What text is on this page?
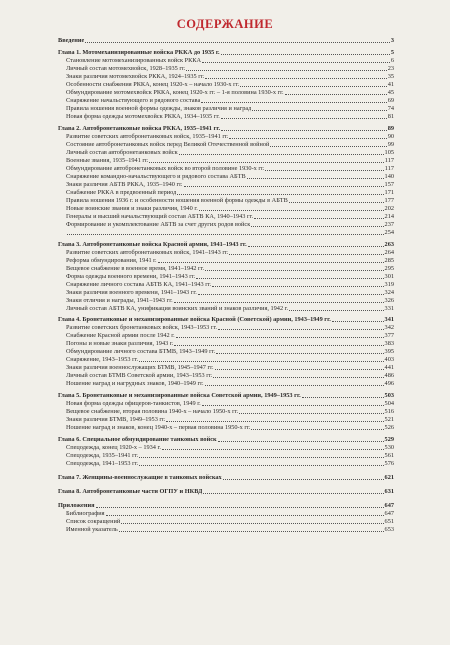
СОДЕРЖАНИЕ
Введение	3
Глава 1. Мотомеханизированные войска РККА до 1935 г.	5
Становление мотомеханизированных войск РККА	6
Личный состав мотомехвойск, 1928–1935 гг.	23
Знаки различия мотомехвойск РККА, 1924–1935 гг.	35
Особенности снабжения РККА, конец 1920-х – начало 1930-х гг.	41
Обмундирование мотомехвойск РККА, конец 1920-х гг. – 1-я половина 1930-х гг.	45
Снаряжение начальствующего и рядового состава	69
Правила ношения военной формы одежды, знаков различия и наград	74
Новая форма одежды мотомехвойск РККА, 1934–1935 гг.	81
Глава 2. Автобронетанковые войска РККА, 1935–1941 гг.	89
Развитие советских автобронетанковых войск, 1935–1941 гг.	90
Состояние автобронетанковых войск перед Великой Отечественной войной	99
Личный состав автобронетанковых войск	105
Военные звания, 1935–1941 гг.	117
Обмундирование автобронетанковых войск во второй половине 1930-х гг.	117
Снаряжение командно-начальствующего и рядового состава АБТВ	140
Знаки различия АБТВ РККА, 1935–1940 гг.	157
Снабжение РККА в предвоенный период	171
Правила ношения 1936 г. и особенности ношения военной формы одежды в АБТВ	177
Новые воинские звания и знаки различия, 1940 г.	202
Генералы и высший начальствующий состав АБТВ КА, 1940–1943 гг.	214
Формирование и укомплектование АБТВ за счет других родов войск	237
254
Глава 3. Автобронетанковые войска Красной армии, 1941–1943 гг.	263
Развитие советских автобронетанковых войск, 1941–1943 гг.	264
Реформа обмундирования, 1941 г.	285
Вещевое снабжение в военное время, 1941–1942 гг.	295
Форма одежды военного времени, 1941–1943 гг.	301
Снаряжение личного состава АБТВ КА, 1941–1943 гг.	319
Знаки различия военного времени, 1941–1943 гг.	324
Знаки отличия и награды, 1941–1943 гг.	326
Личный состав АБТВ КА, унификация воинских званий и знаков различия, 1942 г.	331
Глава 4. Бронетанковые и механизированные войска Красной (Советской) армии, 1943–1949 гг.	341
Развитие советских бронетанковых войск, 1943–1953 гг.	342
Снабжение Красной армии после 1942 г.	377
Погоны и новые знаки различия, 1943 г.	383
Обмундирование личного состава БТМВ, 1943–1949 гг.	395
Снаряжение, 1943–1953 гг.	403
Знаки различия военнослужащих БТМВ, 1945–1947 гг.	441
Личный состав БТМВ Советской армии, 1943–1953 гг.	486
Ношение наград и нагрудных знаков, 1940–1949 гг.	496
Глава 5. Бронетанковые и механизированные войска Советской армии, 1949–1953 гг.	503
Новая форма одежды офицеров-танкистов, 1949 г.	504
Вещевое снабжение, вторая половина 1940-х – начало 1950-х гг.	516
Знаки различия БТМВ, 1949–1953 гг.	521
Ношение наград и знаков, конец 1940-х – первая половина 1950-х гг.	526
Глава 6. Специальное обмундирование танковых войск	529
Спецодежда, конец 1920-х – 1934 г.	530
Спецодежда, 1935–1941 гг.	561
Спецодежда, 1941–1953 гг.	576
Глава 7. Женщины-военнослужащие в танковых войсках	621
Глава 8. Автобронетанковые части ОГПУ и НКВД	631
Приложения	647
Библиография	647
Список сокращений	651
Именной указатель	653
